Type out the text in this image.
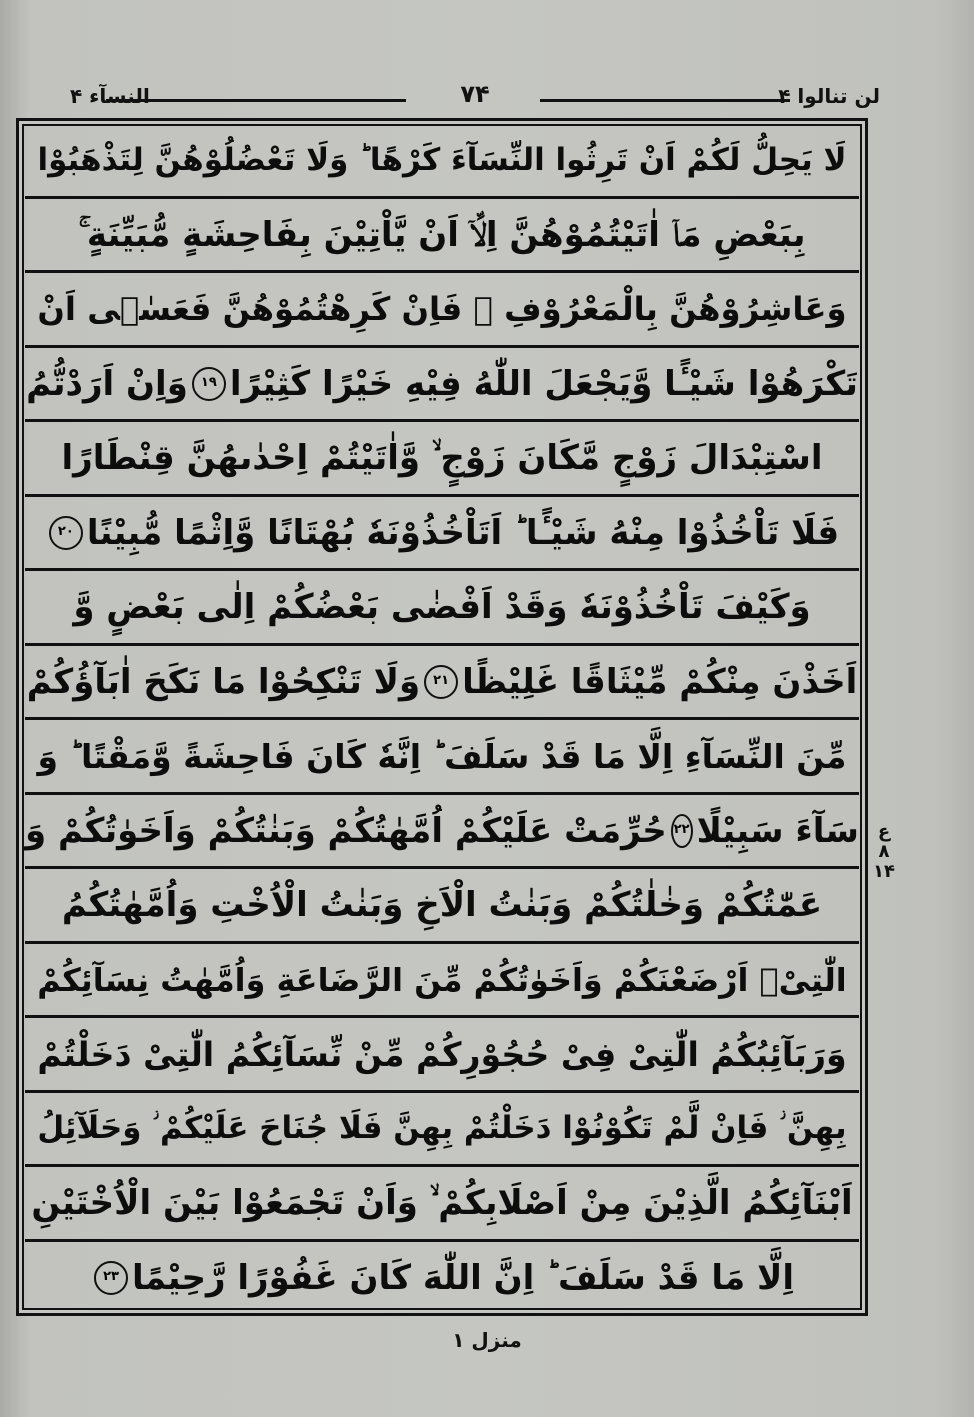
النسآء ۴	۷۴	لن تنالوا ۴
لَا يَحِلُّ لَكُمْ اَنْ تَرِثُوا النِّسَآءَ كَرْهًا ؕ وَلَا تَعْضُلُوْهُنَّ لِتَذْهَبُوْا
بِبَعْضِ مَاۤ اٰتَيْتُمُوْهُنَّ اِلَّاۤ اَنْ يَّاْتِيْنَ بِفَاحِشَةٍ مُّبَيِّنَةٍ ۚ
وَعَاشِرُوْهُنَّ بِالْمَعْرُوْفِ ۚ فَاِنْ كَرِهْتُمُوْهُنَّ فَعَسٰۤى اَنْ
تَكْرَهُوْا شَيْـًٔا وَّيَجْعَلَ اللّٰهُ فِيْهِ خَيْرًا كَثِيْرًا
۱۹
وَاِنْ اَرَدْتُّمُ
اسْتِبْدَالَ زَوْجٍ مَّكَانَ زَوْجٍ ۙ وَّاٰتَيْتُمْ اِحْدٰىهُنَّ قِنْطَارًا
فَلَا تَاْخُذُوْا مِنْهُ شَيْـًٔا ؕ اَتَاْخُذُوْنَهٗ بُهْتَانًا وَّاِثْمًا مُّبِيْنًا
۲۰
وَكَيْفَ تَاْخُذُوْنَهٗ وَقَدْ اَفْضٰى بَعْضُكُمْ اِلٰى بَعْضٍ وَّ
اَخَذْنَ مِنْكُمْ مِّيْثَاقًا غَلِيْظًا
۲۱
وَلَا تَنْكِحُوْا مَا نَكَحَ اٰبَآؤُكُمْ
مِّنَ النِّسَآءِ اِلَّا مَا قَدْ سَلَفَ ؕ اِنَّهٗ كَانَ فَاحِشَةً وَّمَقْتًا ؕ وَ
سَآءَ سَبِيْلًا
۲۲
حُرِّمَتْ عَلَيْكُمْ اُمَّهٰتُكُمْ وَبَنٰتُكُمْ وَاَخَوٰتُكُمْ وَ
عَمّٰتُكُمْ وَخٰلٰتُكُمْ وَبَنٰتُ الْاَخِ وَبَنٰتُ الْاُخْتِ وَاُمَّهٰتُكُمُ
الّٰتِیْۤ اَرْضَعْنَكُمْ وَاَخَوٰتُكُمْ مِّنَ الرَّضَاعَةِ وَاُمَّهٰتُ نِسَآئِكُمْ
وَرَبَآئِبُكُمُ الّٰتِیْ فِیْ حُجُوْرِكُمْ مِّنْ نِّسَآئِكُمُ الّٰتِیْ دَخَلْتُمْ
بِهِنَّ ؗ فَاِنْ لَّمْ تَكُوْنُوْا دَخَلْتُمْ بِهِنَّ فَلَا جُنَاحَ عَلَيْكُمْ ؗ وَحَلَآئِلُ
اَبْنَآئِكُمُ الَّذِيْنَ مِنْ اَصْلَابِكُمْ ۙ وَاَنْ تَجْمَعُوْا بَيْنَ الْاُخْتَيْنِ
اِلَّا مَا قَدْ سَلَفَ ؕ اِنَّ اللّٰهَ كَانَ غَفُوْرًا رَّحِيْمًا
۲۳
ع ۸ ۱۴
منزل ۱
